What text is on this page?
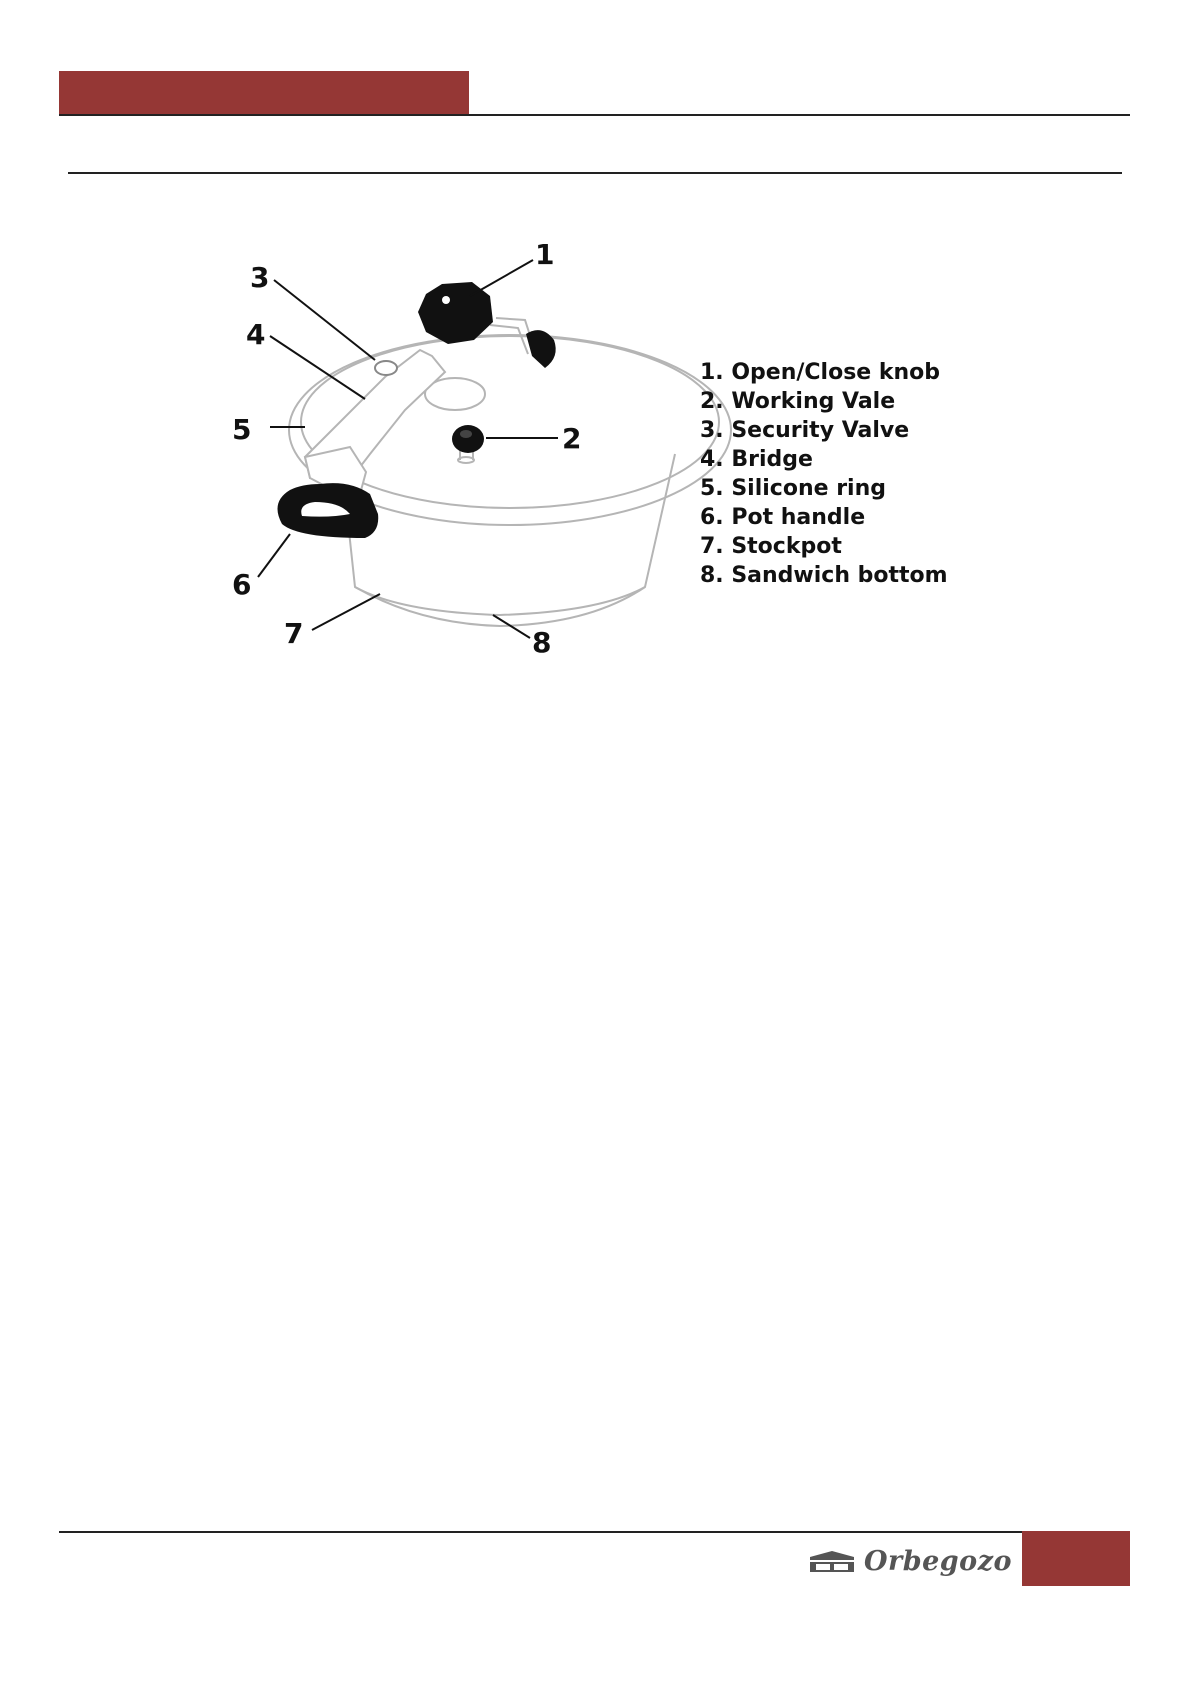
1
2
3
4
5
6
7	8
1. Open/Close knob
2. Working Vale
3. Security Valve
4. Bridge
5. Silicone ring
6. Pot handle
7. Stockpot
8. Sandwich bottom
Orbegozo
